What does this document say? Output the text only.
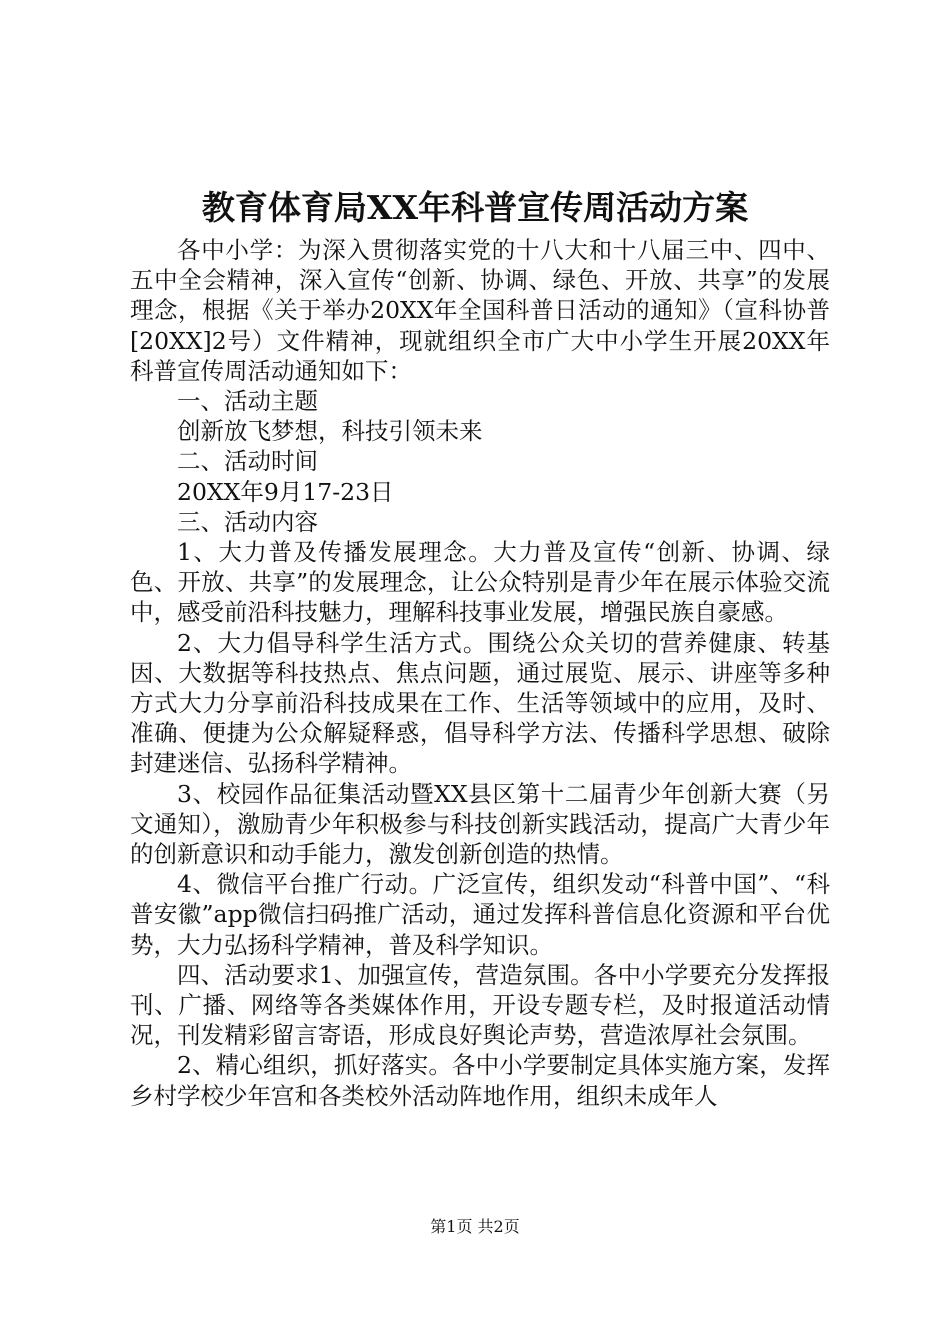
教育体育局XX年科普宣传周活动方案

各中小学：为深入贯彻落实党的十八大和十八届三中、四中、五中全会精神，深入宣传“创新、协调、绿色、开放、共享”的发展理念，根据《关于举办20XX年全国科普日活动的通知》（宣科协普[20XX]2号）文件精神，现就组织全市广大中小学生开展20XX年科普宣传周活动通知如下：

一、活动主题

创新放飞梦想，科技引领未来

二、活动时间

20XX年9月17-23日

三、活动内容

1、大力普及传播发展理念。大力普及宣传“创新、协调、绿色、开放、共享”的发展理念，让公众特别是青少年在展示体验交流中，感受前沿科技魅力，理解科技事业发展，增强民族自豪感。

2、大力倡导科学生活方式。围绕公众关切的营养健康、转基因、大数据等科技热点、焦点问题，通过展览、展示、讲座等多种方式大力分享前沿科技成果在工作、生活等领域中的应用，及时、准确、便捷为公众解疑释惑，倡导科学方法、传播科学思想、破除封建迷信、弘扬科学精神。

3、校园作品征集活动暨XX县区第十二届青少年创新大赛（另文通知），激励青少年积极参与科技创新实践活动，提高广大青少年的创新意识和动手能力，激发创新创造的热情。

4、微信平台推广行动。广泛宣传，组织发动“科普中国”、“科普安徽”app微信扫码推广活动，通过发挥科普信息化资源和平台优势，大力弘扬科学精神，普及科学知识。

四、活动要求1、加强宣传，营造氛围。各中小学要充分发挥报刊、广播、网络等各类媒体作用，开设专题专栏，及时报道活动情况，刊发精彩留言寄语，形成良好舆论声势，营造浓厚社会氛围。

2、精心组织，抓好落实。各中小学要制定具体实施方案，发挥乡村学校少年宫和各类校外活动阵地作用，组织未成年人

第1页 共2页
